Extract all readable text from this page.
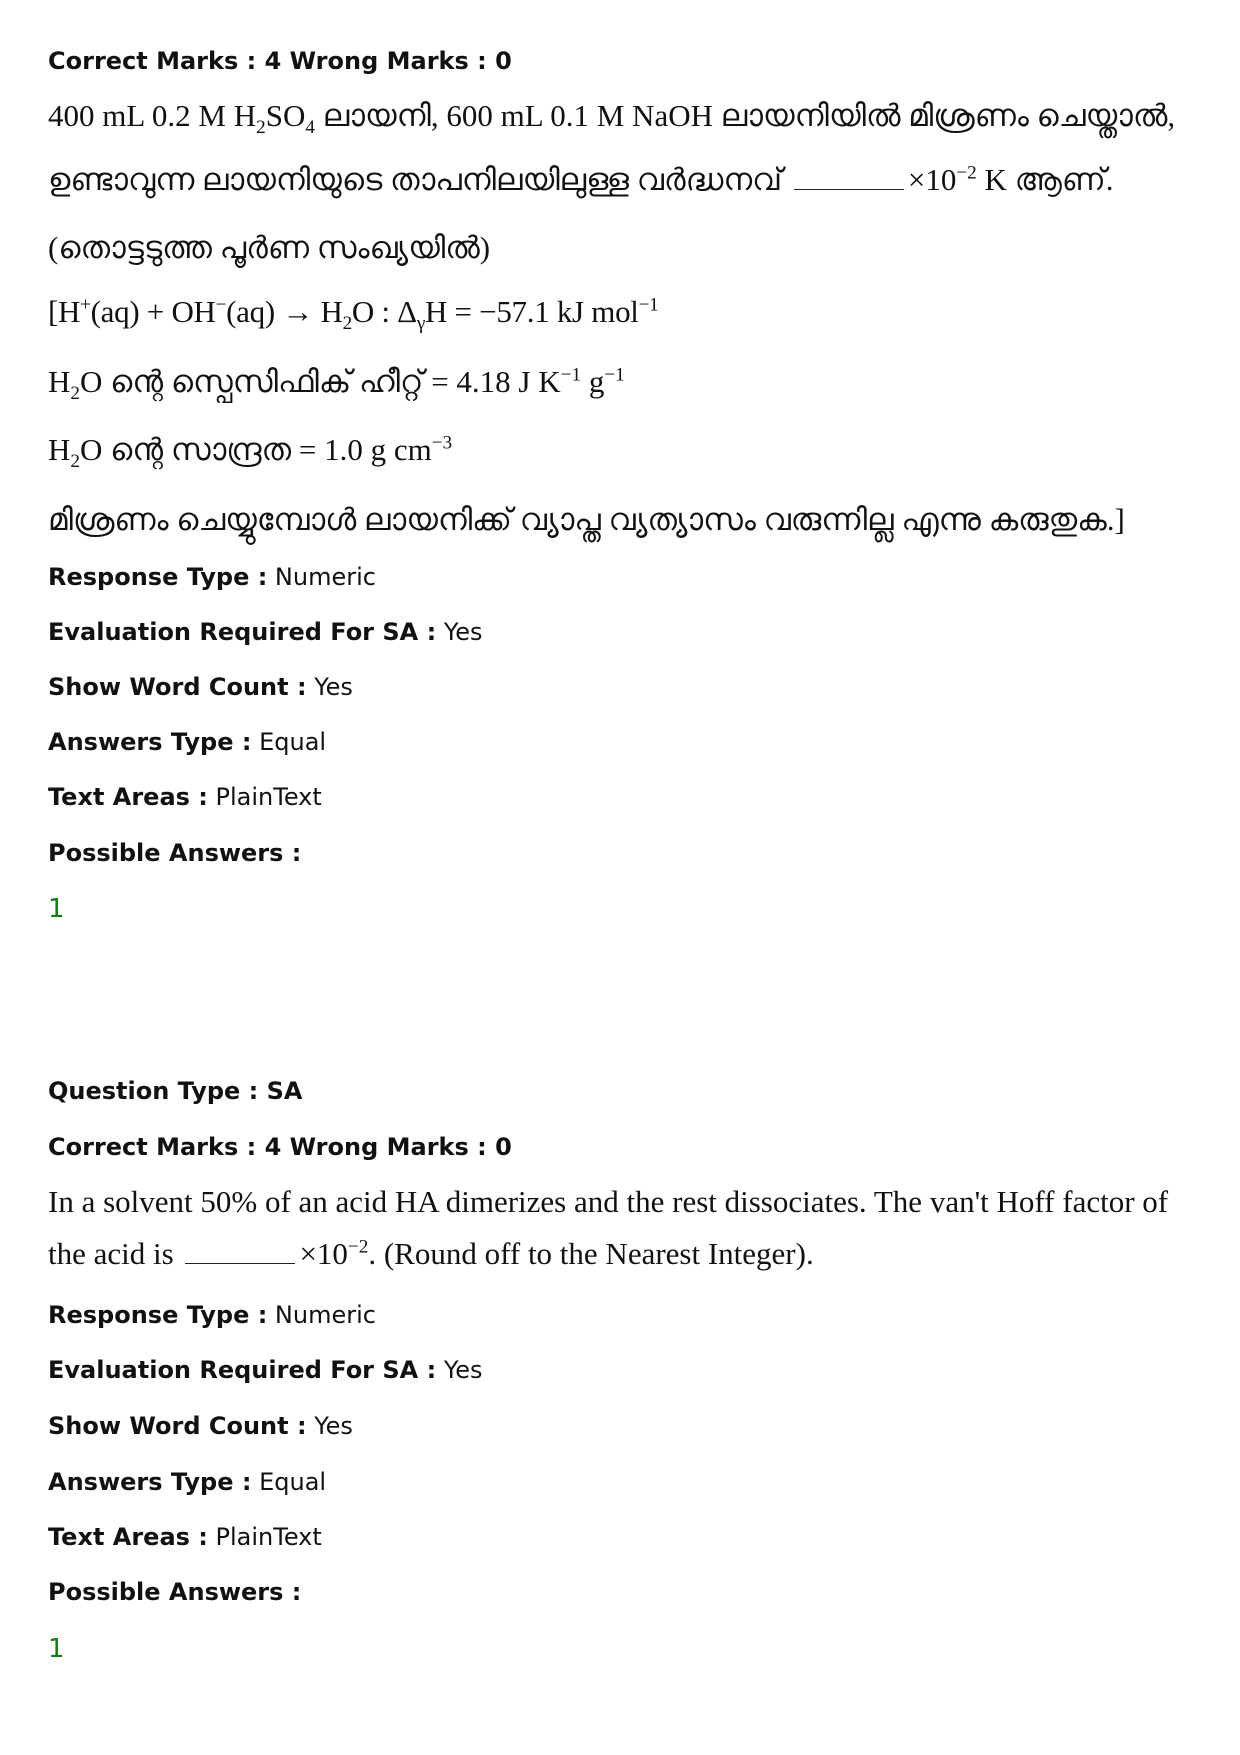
Correct Marks : 4 Wrong Marks : 0
400 mL 0.2 M $H_2SO_4$ ലായനി, 600 mL 0.1 M NaOH ലായനിയിൽ മിശ്രണം ചെയ്താൽ,
ഉണ്ടാവുന്ന ലായനിയുടെ താപനിലയിലുള്ള വർദ്ധനവ്	$\times 10^{-2}$ K ആണ്.
(തൊട്ടടുത്ത പൂർണ സംഖ്യയിൽ)
[$H^+(aq) + OH^-(aq) \to H_2O$ : $\Delta_\gamma H = -57.1$ kJ mol$^{-1}$
$H_2O$ ന്റെ സ്പെസിഫിക് ഹീറ്റ് = 4.18 J $K^{-1}$ $g^{-1}$
$H_2O$ ന്റെ സാന്ദ്രത = 1.0 g $cm^{-3}$
മിശ്രണം ചെയ്യുമ്പോൾ ലായനിക്ക് വ്യാപ്ത വ്യത്യാസം വരുന്നില്ല എന്നു കരുതുക.]
Response Type : Numeric
Evaluation Required For SA : Yes
Show Word Count : Yes
Answers Type : Equal
Text Areas : PlainText
Possible Answers :
1
Question Type : SA
Correct Marks : 4 Wrong Marks : 0
In a solvent 50% of an acid HA dimerizes and the rest dissociates. The van't Hoff factor of
the acid is	$\times 10^{-2}$. (Round off to the Nearest Integer).
Response Type : Numeric
Evaluation Required For SA : Yes
Show Word Count : Yes
Answers Type : Equal
Text Areas : PlainText
Possible Answers :
1
